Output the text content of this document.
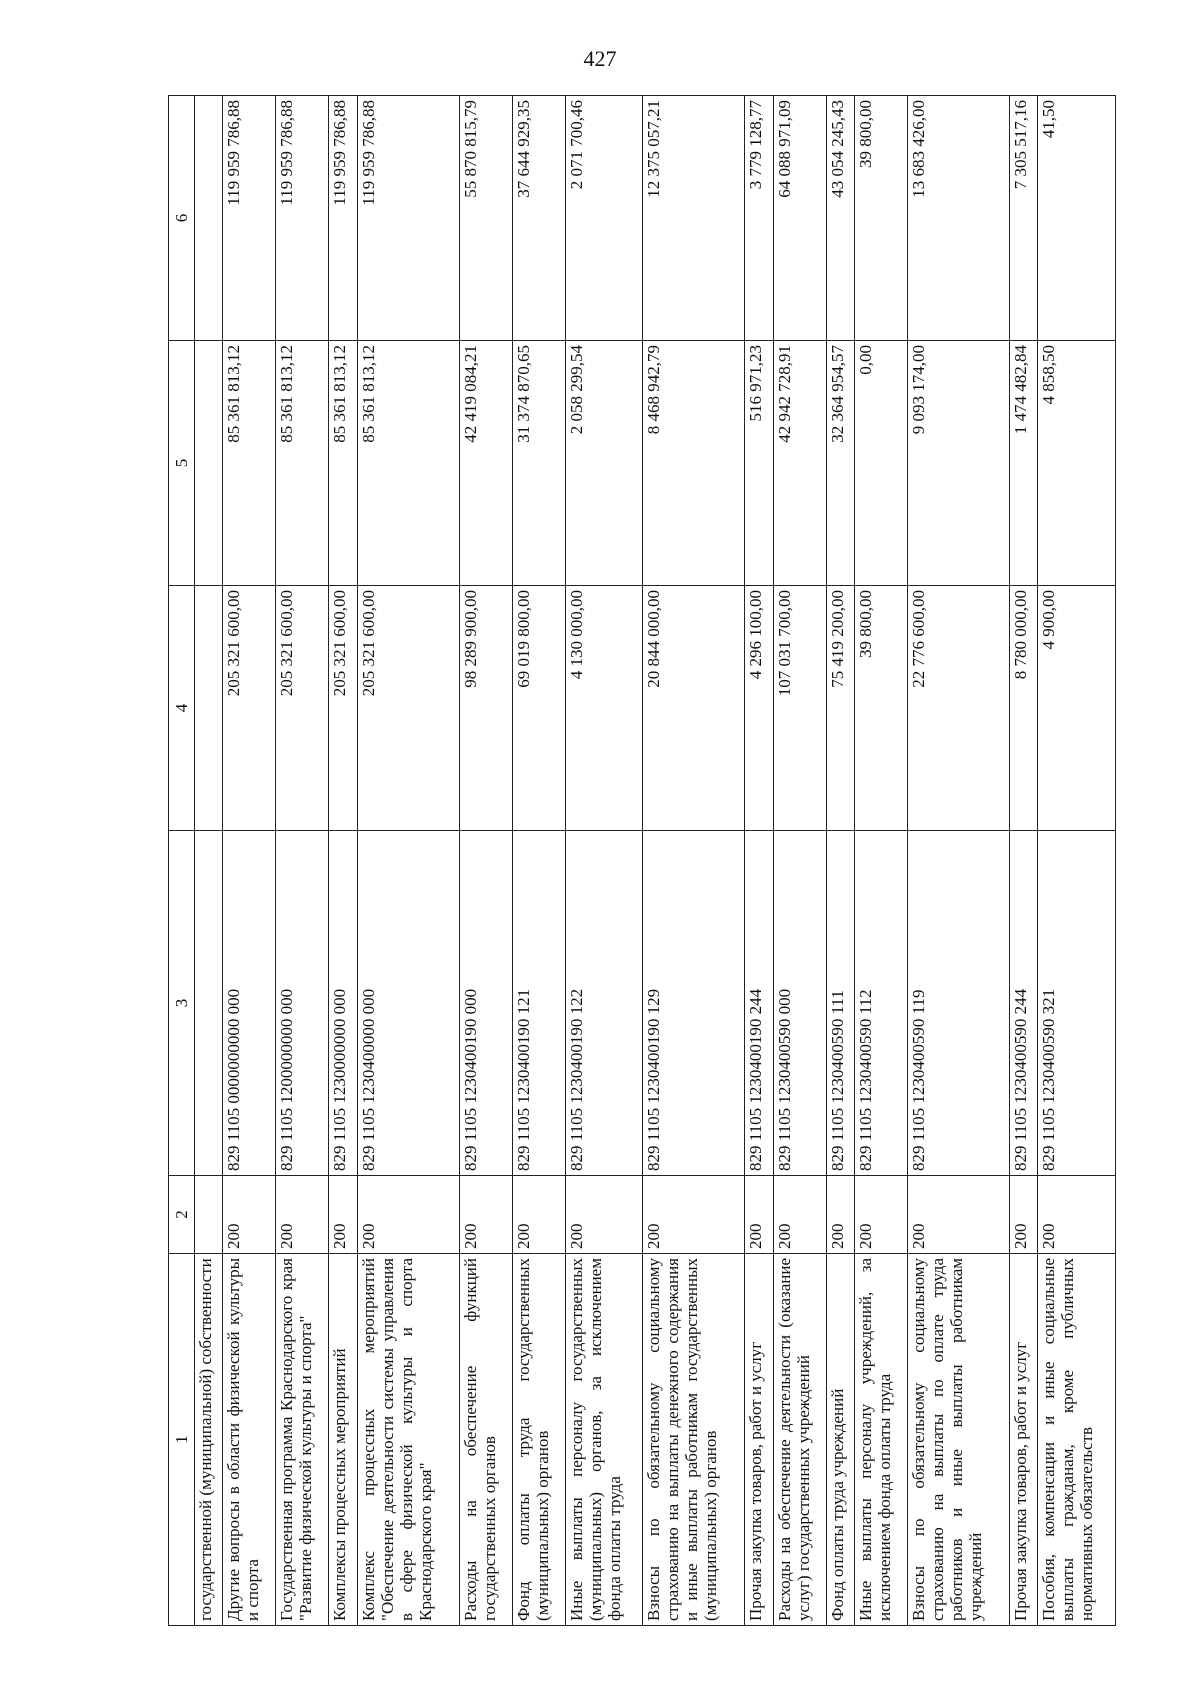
427
1	2	3	4	5	6
государственной (муниципальной) собственности					
Другие вопросы в области физической культуры и спорта	200	829 1105 0000000000 000	205 321 600,00	85 361 813,12	119 959 786,88
Государственная программа Краснодарского края "Развитие физической культуры и спорта"	200	829 1105 1200000000 000	205 321 600,00	85 361 813,12	119 959 786,88
Комплексы процессных мероприятий	200	829 1105 1230000000 000	205 321 600,00	85 361 813,12	119 959 786,88
Комплекс процессных мероприятий "Обеспечение деятельности системы управления в сфере физической культуры и спорта Краснодарского края"	200	829 1105 1230400000 000	205 321 600,00	85 361 813,12	119 959 786,88
Расходы на обеспечение функций государственных органов	200	829 1105 1230400190 000	98 289 900,00	42 419 084,21	55 870 815,79
Фонд оплаты труда государственных (муниципальных) органов	200	829 1105 1230400190 121	69 019 800,00	31 374 870,65	37 644 929,35
Иные выплаты персоналу государственных (муниципальных) органов, за исключением фонда оплаты труда	200	829 1105 1230400190 122	4 130 000,00	2 058 299,54	2 071 700,46
Взносы по обязательному социальному страхованию на выплаты денежного содержания и иные выплаты работникам государственных (муниципальных) органов	200	829 1105 1230400190 129	20 844 000,00	8 468 942,79	12 375 057,21
Прочая закупка товаров, работ и услуг	200	829 1105 1230400190 244	4 296 100,00	516 971,23	3 779 128,77
Расходы на обеспечение деятельности (оказание услуг) государственных учреждений	200	829 1105 1230400590 000	107 031 700,00	42 942 728,91	64 088 971,09
Фонд оплаты труда учреждений	200	829 1105 1230400590 111	75 419 200,00	32 364 954,57	43 054 245,43
Иные выплаты персоналу учреждений, за исключением фонда оплаты труда	200	829 1105 1230400590 112	39 800,00	0,00	39 800,00
Взносы по обязательному социальному страхованию на выплаты по оплате труда работников и иные выплаты работникам учреждений	200	829 1105 1230400590 119	22 776 600,00	9 093 174,00	13 683 426,00
Прочая закупка товаров, работ и услуг	200	829 1105 1230400590 244	8 780 000,00	1 474 482,84	7 305 517,16
Пособия, компенсации и иные социальные выплаты гражданам, кроме публичных нормативных обязательств	200	829 1105 1230400590 321	4 900,00	4 858,50	41,50
